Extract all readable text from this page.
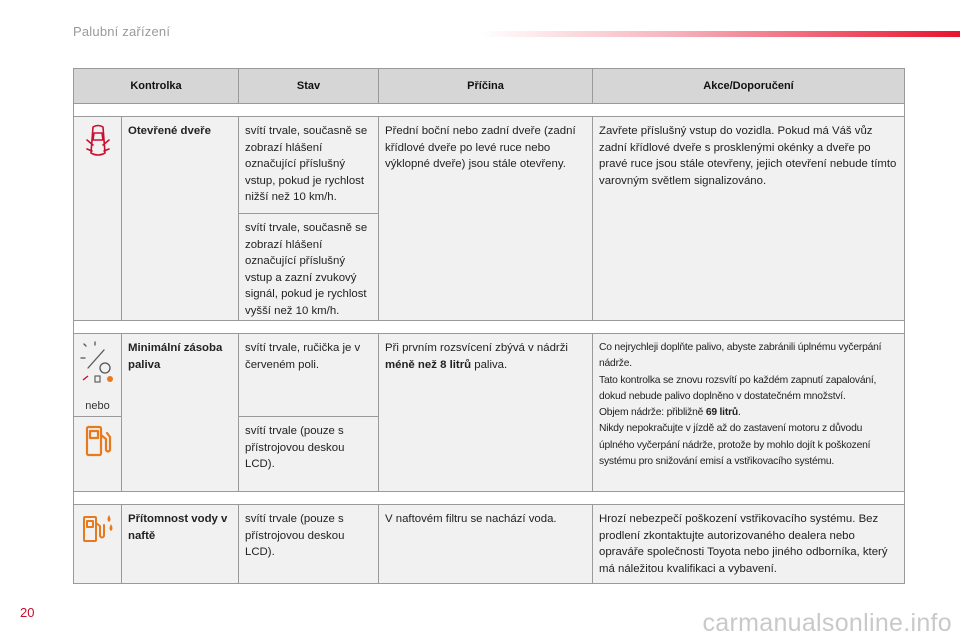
Palubní zařízení
Kontrolka		Stav	Příčina	Akce/Doporučení

	Otevřené dveře	svítí trvale, současně se zobrazí hlášení označující příslušný vstup, pokud je rychlost nižší než 10 km/h.	Přední boční nebo zadní dveře (zadní křídlové dveře po levé ruce nebo výklopné dveře) jsou stále otevřeny.	Zavřete příslušný vstup do vozidla. Pokud má Váš vůz zadní křídlové dveře s prosklenými okénky a dveře po pravé ruce jsou stále otevřeny, jejich otevření nebude tímto varovným světlem signalizováno.
		svítí trvale, současně se zobrazí hlášení označující příslušný vstup a zazní zvukový signál, pokud je rychlost vyšší než 10 km/h.		

nebo	Minimální zásoba paliva	svítí trvale, ručička je v červeném poli.	Při prvním rozsvícení zbývá v nádrži méně než 8 litrů paliva.	Co nejrychleji doplňte palivo, abyste zabránili úplnému vyčerpání nádrže.
Tato kontrolka se znovu rozsvítí po každém zapnutí zapalování, dokud nebude palivo doplněno v dostatečném množství.
Objem nádrže: přibližně 69 litrů.
Nikdy nepokračujte v jízdě až do zastavení motoru z důvodu úplného vyčerpání nádrže, protože by mohlo dojít k poškození systému pro snižování emisí a vstřikovacího systému.
	svítí trvale (pouze s přístrojovou deskou LCD).		

	Přítomnost vody v naftě	svítí trvale (pouze s přístrojovou deskou LCD).	V naftovém filtru se nachází voda.	Hrozí nebezpečí poškození vstřikovacího systému. Bez prodlení zkontaktujte autorizovaného dealera nebo opraváře společnosti Toyota nebo jiného odborníka, který má náležitou kvalifikaci a vybavení.
20	carmanualsonline.info
